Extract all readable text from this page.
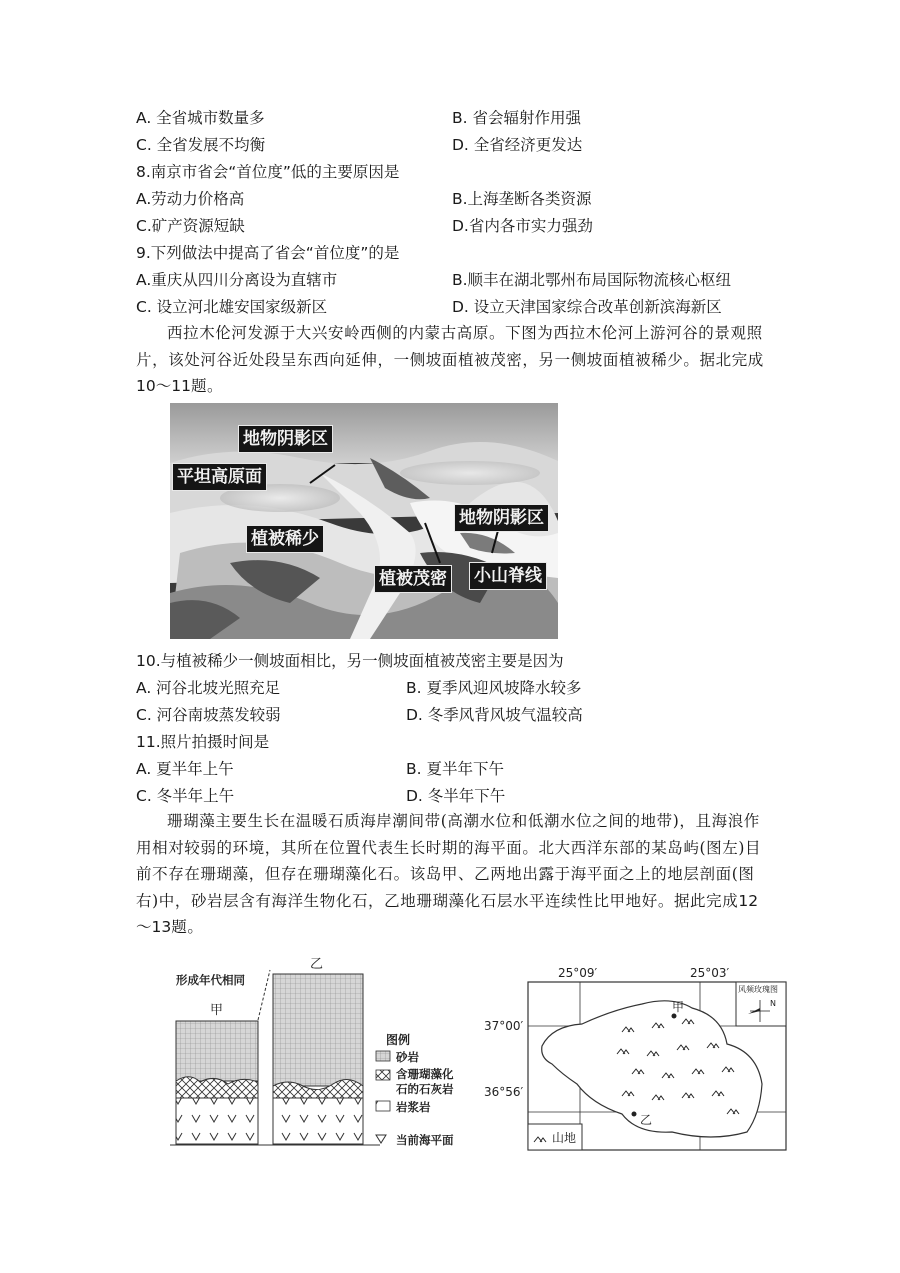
A. 全省城市数量多	B. 省会辐射作用强
C. 全省发展不均衡	D. 全省经济更发达
8.南京市省会“首位度”低的主要原因是
A.劳动力价格高	B.上海垄断各类资源
C.矿产资源短缺	D.省内各市实力强劲
9.下列做法中提高了省会“首位度”的是
A.重庆从四川分离设为直辖市	B.顺丰在湖北鄂州布局国际物流核心枢纽
C. 设立河北雄安国家级新区	D. 设立天津国家综合改革创新滨海新区
西拉木伦河发源于大兴安岭西侧的内蒙古高原。下图为西拉木伦河上游河谷的景观照片，该处河谷近处段呈东西向延伸，一侧坡面植被茂密，另一侧坡面植被稀少。据北完成10～11题。
地物阴影区
平坦高原面
植被稀少
地物阴影区
植被茂密 小山脊线
10.与植被稀少一侧坡面相比，另一侧坡面植被茂密主要是因为
A. 河谷北坡光照充足	B. 夏季风迎风坡降水较多
C. 河谷南坡蒸发较弱	D. 冬季风背风坡气温较高
11.照片拍摄时间是
A. 夏半年上午	B. 夏半年下午
C. 冬半年上午	D. 冬半年下午
珊瑚藻主要生长在温暖石质海岸潮间带(高潮水位和低潮水位之间的地带)，且海浪作用相对较弱的环境，其所在位置代表生长时期的海平面。北大西洋东部的某岛屿(图左)目前不存在珊瑚藻，但存在珊瑚藻化石。该岛甲、乙两地出露于海平面之上的地层剖面(图右)中，砂岩层含有海洋生物化石，乙地珊瑚藻化石层水平连续性比甲地好。据此完成12～13题。
乙
甲
形成年代相同
图例
砂岩
含珊瑚藻化
石的石灰岩
岩浆岩
当前海平面
25°09′	25°03′
37°00′
36°56′
甲
乙
风频玫瑰图
N
山地
